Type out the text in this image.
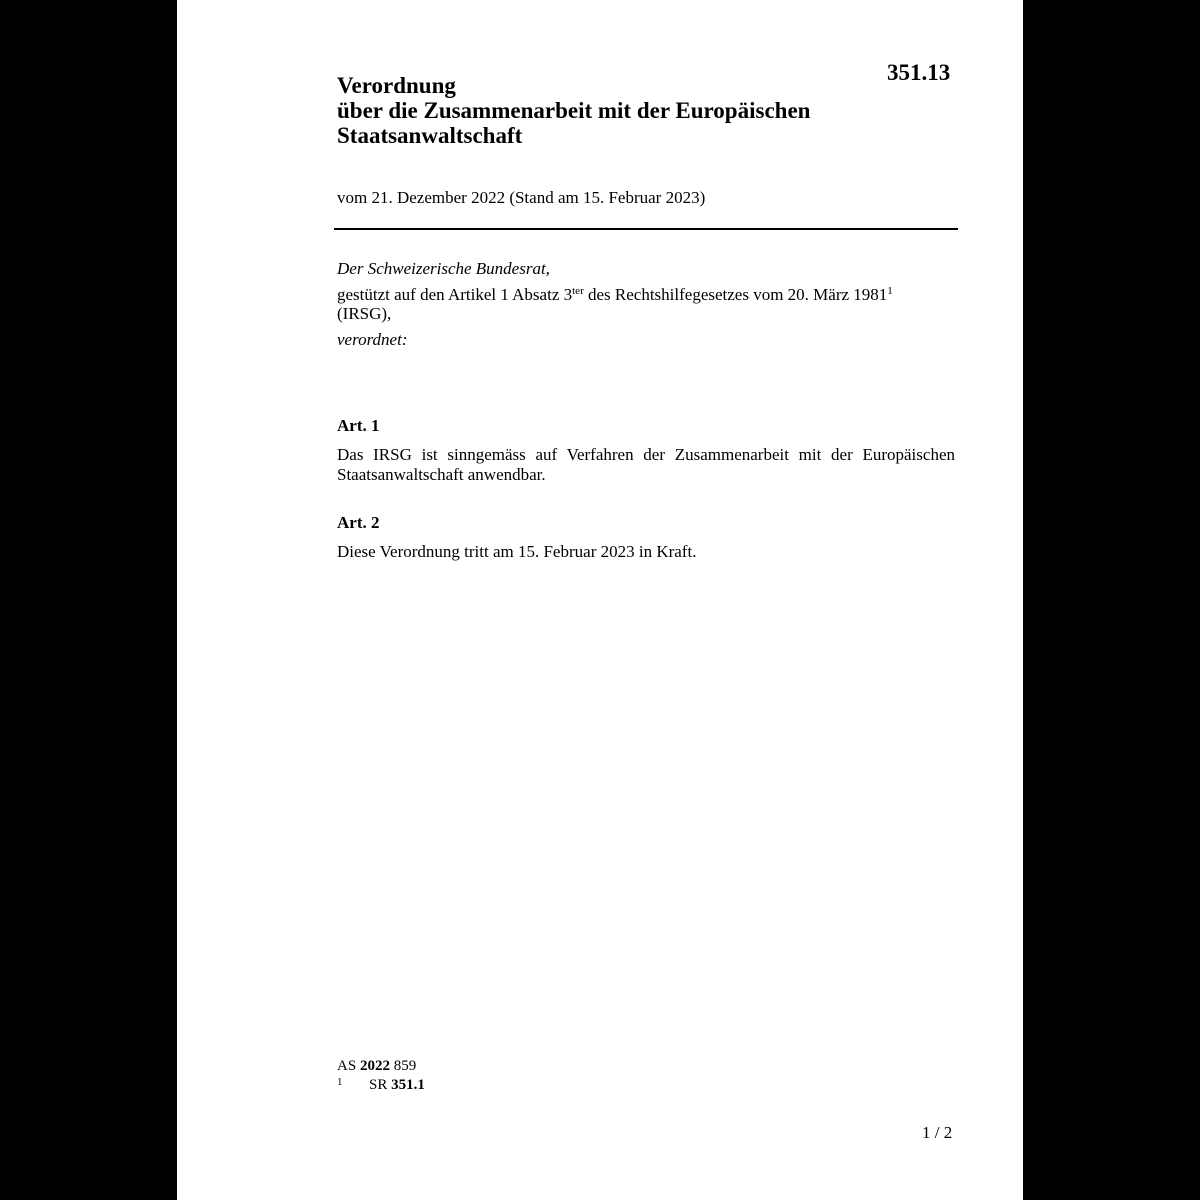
351.13
Verordnung
über die Zusammenarbeit mit der Europäischen
Staatsanwaltschaft
vom 21. Dezember 2022 (Stand am 15. Februar 2023)

Der Schweizerische Bundesrat,

gestützt auf den Artikel 1 Absatz $3^{ter}$ des Rechtshilfegesetzes vom 20. März 1981$^1$
(IRSG),

verordnet:

Art. 1
Das IRSG ist sinngemäss auf Verfahren der Zusammenarbeit mit der Europäischen Staatsanwaltschaft anwendbar.
Art. 2
Diese Verordnung tritt am 15. Februar 2023 in Kraft.
AS 2022 859
1	SR 351.1
1 / 2
